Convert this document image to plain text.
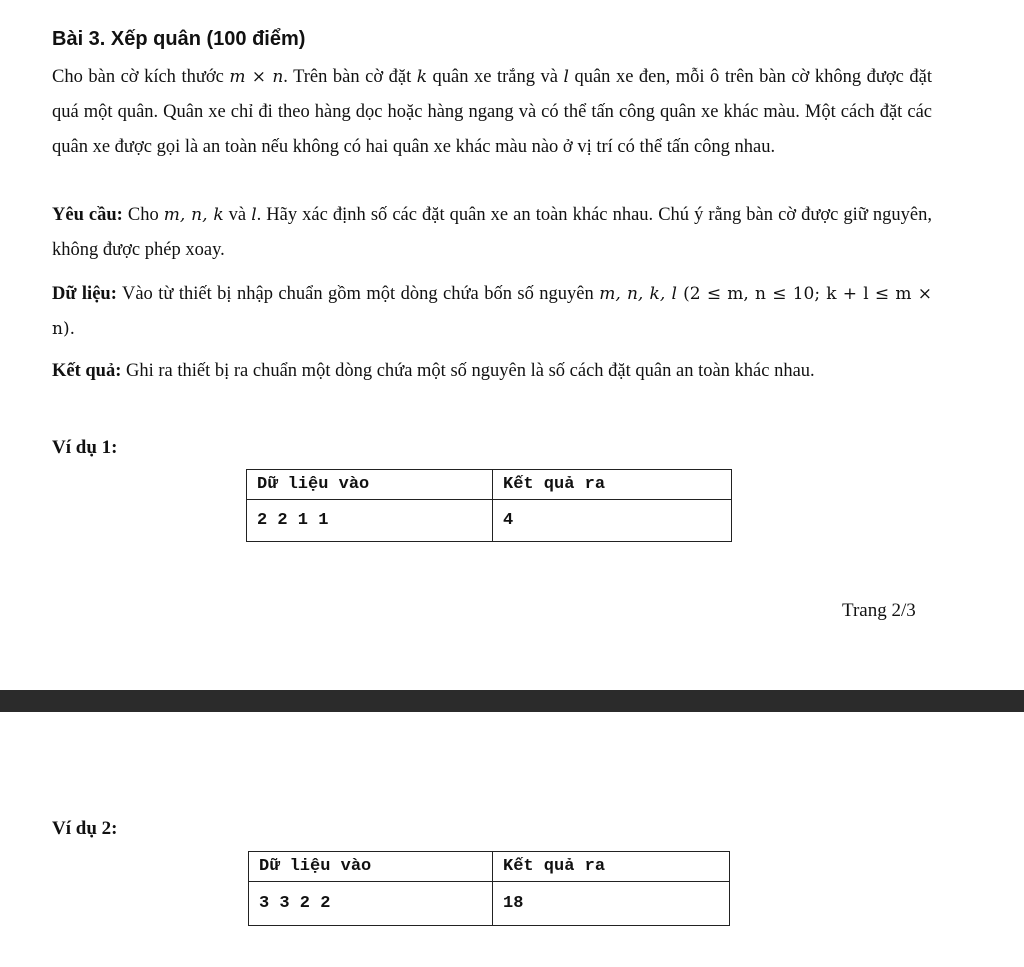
Bài 3. Xếp quân (100 điểm)
Cho bàn cờ kích thước m × n. Trên bàn cờ đặt k quân xe trắng và l quân xe đen, mỗi ô trên bàn cờ không được đặt quá một quân. Quân xe chỉ đi theo hàng dọc hoặc hàng ngang và có thể tấn công quân xe khác màu. Một cách đặt các quân xe được gọi là an toàn nếu không có hai quân xe khác màu nào ở vị trí có thể tấn công nhau.
Yêu cầu: Cho m, n, k và l. Hãy xác định số các đặt quân xe an toàn khác nhau. Chú ý rằng bàn cờ được giữ nguyên, không được phép xoay.
Dữ liệu: Vào từ thiết bị nhập chuẩn gồm một dòng chứa bốn số nguyên m, n, k, l (2 ≤ m, n ≤ 10; k + l ≤ m × n).
Kết quả: Ghi ra thiết bị ra chuẩn một dòng chứa một số nguyên là số cách đặt quân an toàn khác nhau.
Ví dụ 1:
Dữ liệu vào	Kết quả ra
2 2 1 1	4
Trang 2/3
Ví dụ 2:
Dữ liệu vào	Kết quả ra
3 3 2 2	18
